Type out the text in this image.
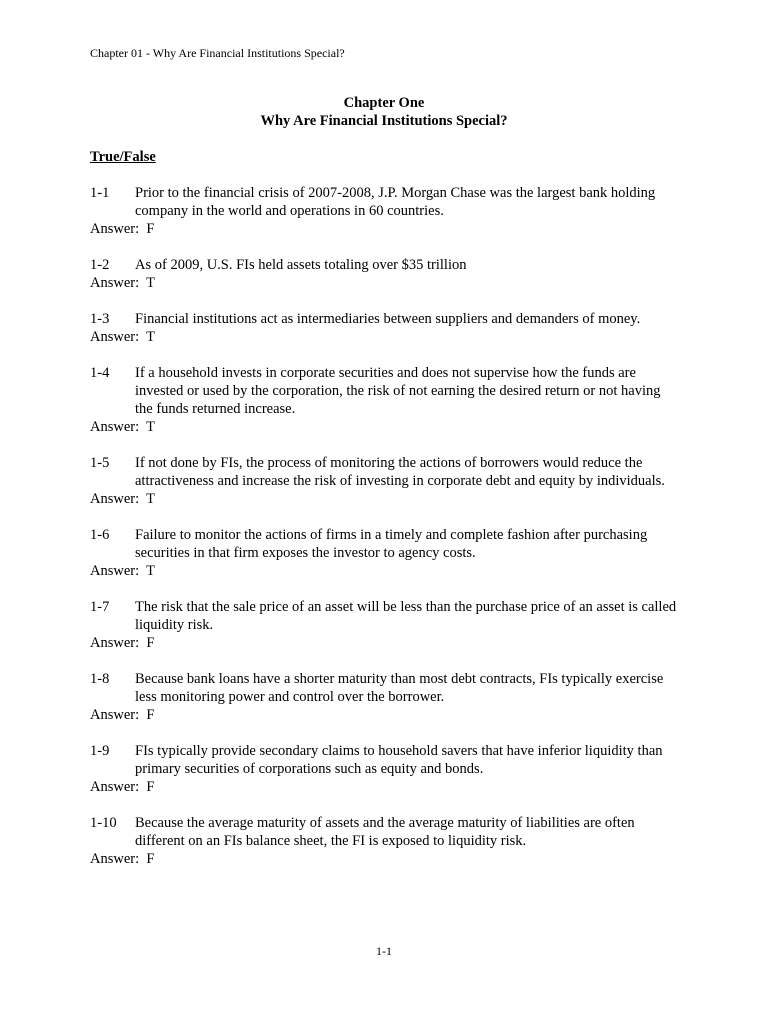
Chapter 01 - Why Are Financial Institutions Special?
Chapter One
Why Are Financial Institutions Special?
True/False
1-1	Prior to the financial crisis of 2007-2008, J.P. Morgan Chase was the largest bank holding company in the world and operations in 60 countries.
Answer: F
1-2	As of 2009, U.S. FIs held assets totaling over $35 trillion
Answer: T
1-3	Financial institutions act as intermediaries between suppliers and demanders of money.
Answer: T
1-4	If a household invests in corporate securities and does not supervise how the funds are invested or used by the corporation, the risk of not earning the desired return or not having the funds returned increase.
Answer: T
1-5	If not done by FIs, the process of monitoring the actions of borrowers would reduce the attractiveness and increase the risk of investing in corporate debt and equity by individuals.
Answer: T
1-6	Failure to monitor the actions of firms in a timely and complete fashion after purchasing securities in that firm exposes the investor to agency costs.
Answer: T
1-7	The risk that the sale price of an asset will be less than the purchase price of an asset is called liquidity risk.
Answer: F
1-8	Because bank loans have a shorter maturity than most debt contracts, FIs typically exercise less monitoring power and control over the borrower.
Answer: F
1-9	FIs typically provide secondary claims to household savers that have inferior liquidity than primary securities of corporations such as equity and bonds.
Answer: F
1-10	Because the average maturity of assets and the average maturity of liabilities are often different on an FIs balance sheet, the FI is exposed to liquidity risk.
Answer: F
1-1
